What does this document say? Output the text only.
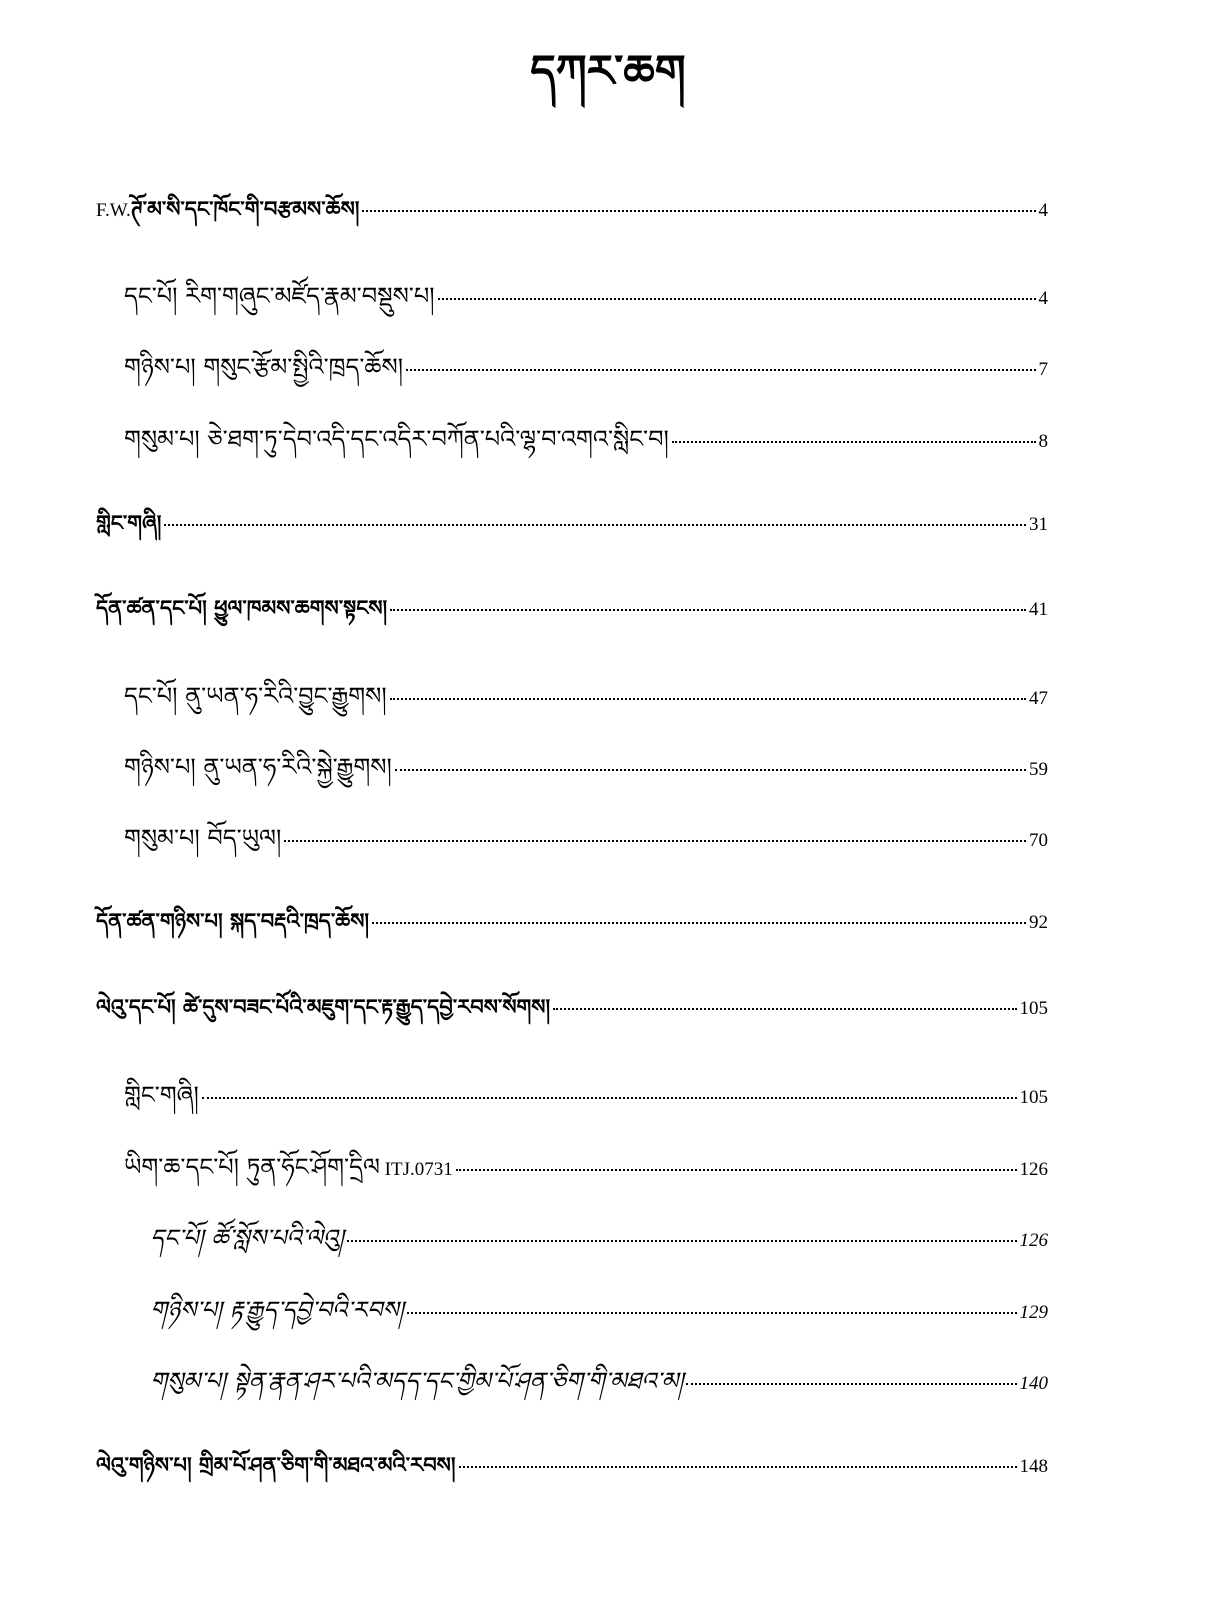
དཀར་ཆག
F.W.ཊོ་མ་སི་དང་ཁོང་གི་བརྩམས་ཆོས།	4
དང་པོ། རིག་གཞུང་མཛོད་རྣམ་བསྡུས་པ།	4
གཉིས་པ། གསུང་རྩོམ་སྤྱིའི་ཁྲད་ཆོས།	7
གསུམ་པ། ཅེ་ཐག་ཏུ་དེབ་འདི་དང་འདིར་བཀོན་པའི་ལྷ་བ་འགའ་སླིང་བ།	8
གླིང་གཞི།	31
དོན་ཚན་དང་པོ། ཕྱུལ་ཁམས་ཆགས་སྟངས།	41
དང་པོ། ནུ་ཡན་ཧ་རིའི་བྱུང་རྒྱུགས།	47
གཉིས་པ། ནུ་ཡན་ཧ་རིའི་སྐྱེ་རྒྱུགས།	59
གསུམ་པ། བོད་ཡུལ།	70
དོན་ཚན་གཉིས་པ། སྐད་བརྡའི་ཁྲད་ཆོས།	92
ལེའུ་དང་པོ། ཚེ་དུས་བཟང་པོའི་མཇུག་དང་རྟ་རྒྱུད་དབྱེ་རབས་སོགས།	105
གླིང་གཞི།	105
ཡིག་ཆ་དང་པོ། ཏུན་ཧོང་ཤོག་དྲིལ ITJ.0731	126
དང་པོ། ཚོ་སློས་པའི་ལེའུ།	126
གཉིས་པ། རྟ་རྒྱུད་དབྱེ་བའི་རབས།	129
གསུམ་པ། སྟེན་རྣན་ཤར་པའི་མདད་དང་གྱིམ་པོ་ཤན་ཅིག་གི་མཐའ་མ།	140
ལེའུ་གཉིས་པ། གྲིམ་པོ་ཤན་ཅིག་གི་མཐའ་མའི་རབས།	148
